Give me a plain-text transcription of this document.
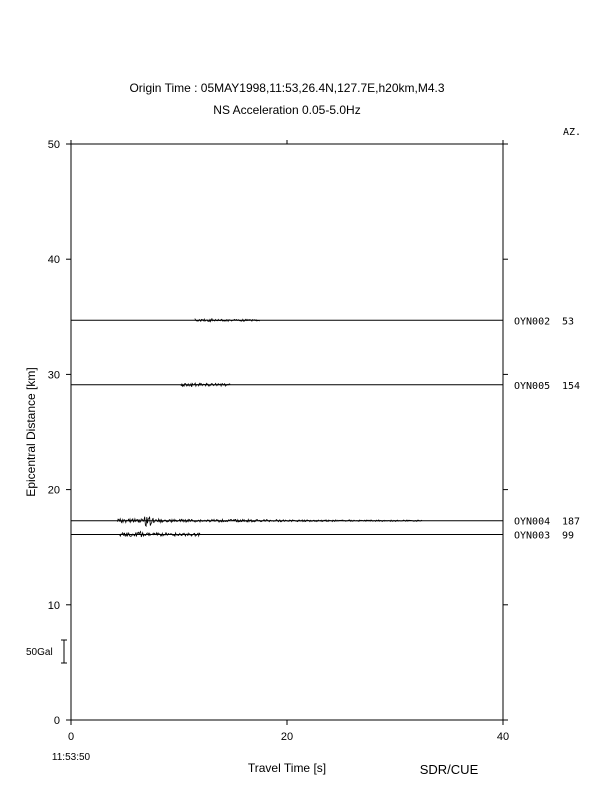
Origin Time : 05MAY1998,11:53,26.4N,127.7E,h20km,M4.3
NS Acceleration 0.05-5.0Hz
AZ.
0
10
20
30
40
50
0	20	40
OYN002 53
OYN005 154
OYN004 187
OYN003 99
Epicentral Distance [km]
Travel Time [s]
11:53:50
50Gal
SDR/CUE
